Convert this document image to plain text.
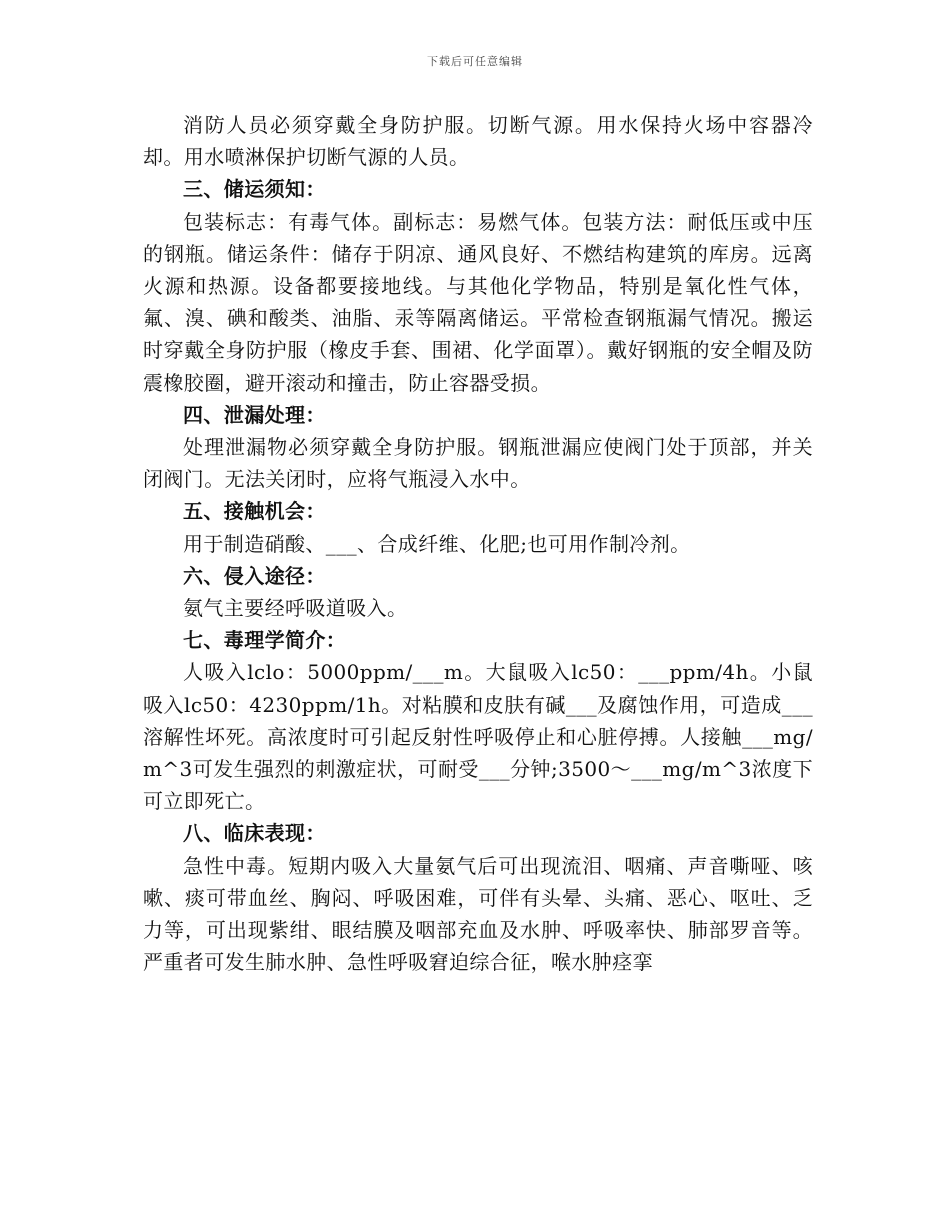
下载后可任意编辑

消防人员必须穿戴全身防护服。切断气源。用水保持火场中容器冷却。用水喷淋保护切断气源的人员。

三、储运须知：

包装标志：有毒气体。副标志：易燃气体。包装方法：耐低压或中压的钢瓶。储运条件：储存于阴凉、通风良好、不燃结构建筑的库房。远离火源和热源。设备都要接地线。与其他化学物品，特别是氧化性气体，氟、溴、碘和酸类、油脂、汞等隔离储运。平常检查钢瓶漏气情况。搬运时穿戴全身防护服（橡皮手套、围裙、化学面罩）。戴好钢瓶的安全帽及防震橡胶圈，避开滚动和撞击，防止容器受损。

四、泄漏处理：

处理泄漏物必须穿戴全身防护服。钢瓶泄漏应使阀门处于顶部，并关闭阀门。无法关闭时，应将气瓶浸入水中。

五、接触机会：

用于制造硝酸、___、合成纤维、化肥;也可用作制冷剂。

六、侵入途径：

氨气主要经呼吸道吸入。

七、毒理学简介：

人吸入lclo：5000ppm/___m。大鼠吸入lc50：___ppm/4h。小鼠吸入lc50：4230ppm/1h。对粘膜和皮肤有碱___及腐蚀作用，可造成___溶解性坏死。高浓度时可引起反射性呼吸停止和心脏停搏。人接触___mg/m^3可发生强烈的刺激症状，可耐受___分钟;3500～___mg/m^3浓度下可立即死亡。

八、临床表现：

急性中毒。短期内吸入大量氨气后可出现流泪、咽痛、声音嘶哑、咳嗽、痰可带血丝、胸闷、呼吸困难，可伴有头晕、头痛、恶心、呕吐、乏力等，可出现紫绀、眼结膜及咽部充血及水肿、呼吸率快、肺部罗音等。严重者可发生肺水肿、急性呼吸窘迫综合征，喉水肿痉挛
